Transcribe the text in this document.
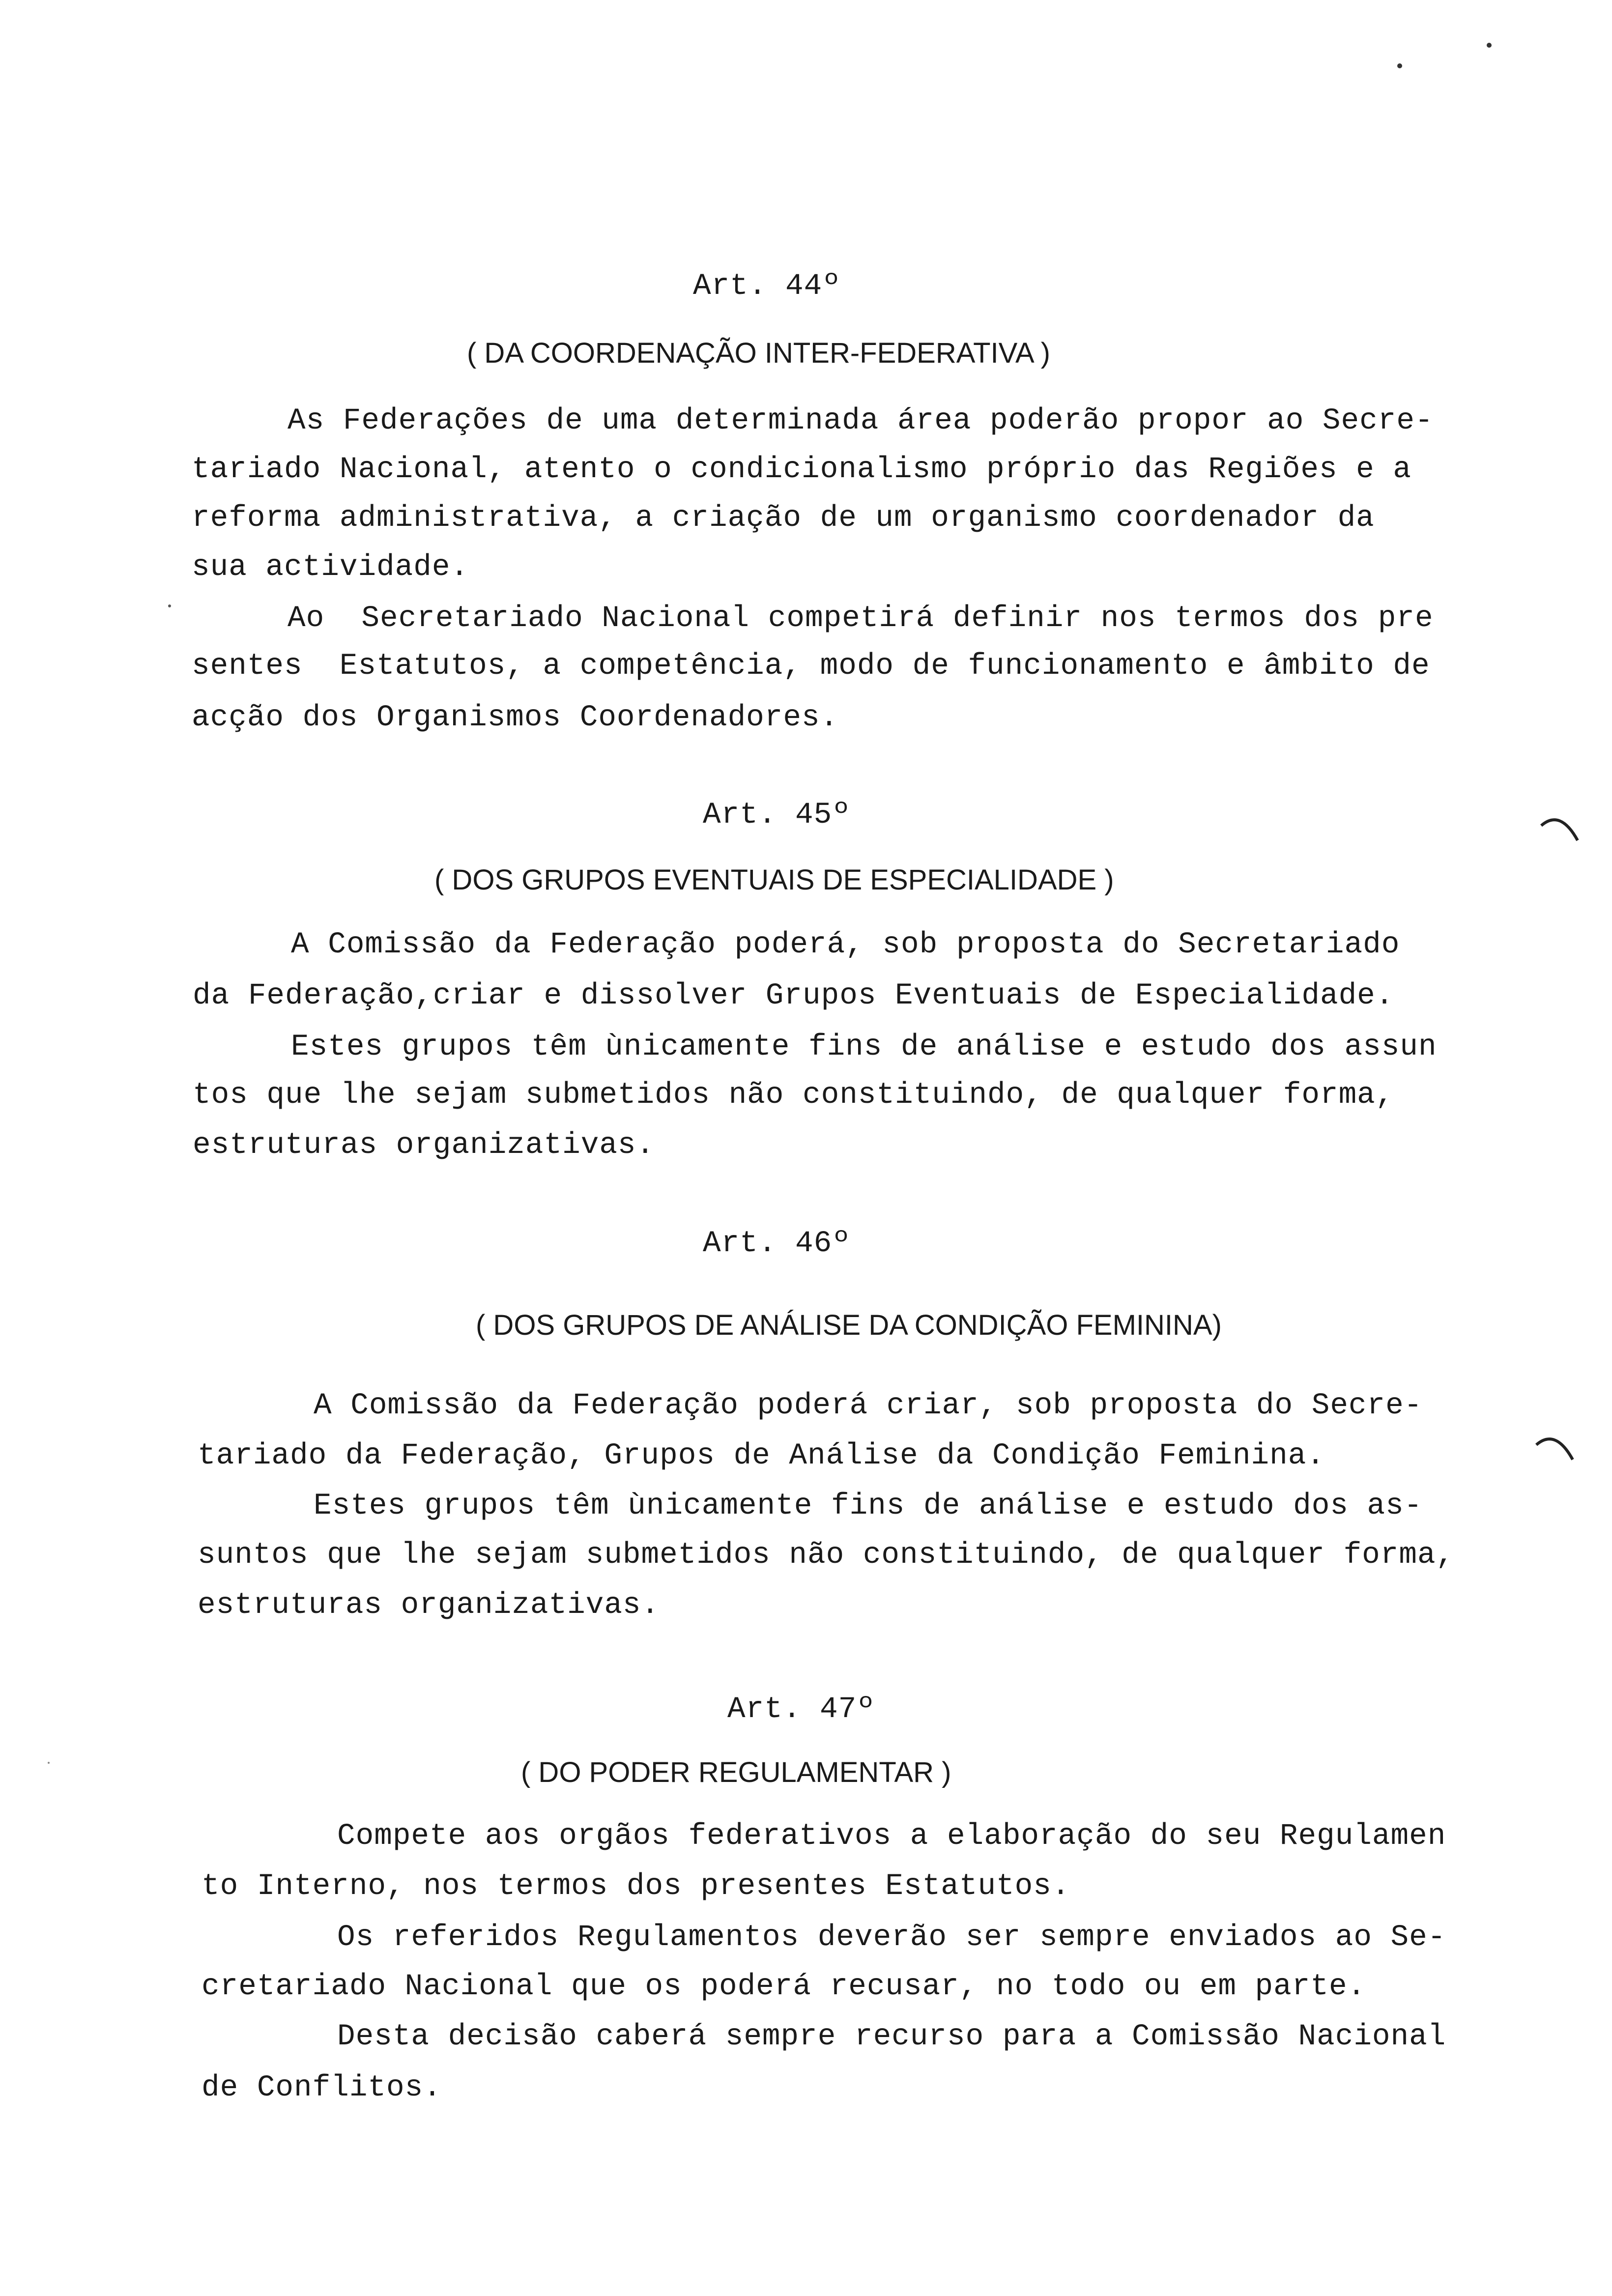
Art. 44º
( DA COORDENAÇÃO INTER-FEDERATIVA )
As Federações de uma determinada área poderão propor ao Secre-
tariado Nacional, atento o condicionalismo próprio das Regiões e a
reforma administrativa, a criação de um organismo coordenador da
sua actividade.
Ao  Secretariado Nacional competirá definir nos termos dos pre
sentes  Estatutos, a competência, modo de funcionamento e âmbito de
acção dos Organismos Coordenadores.
Art. 45º
( DOS GRUPOS EVENTUAIS DE ESPECIALIDADE )
A Comissão da Federação poderá, sob proposta do Secretariado
da Federação,criar e dissolver Grupos Eventuais de Especialidade.
Estes grupos têm ùnicamente fins de análise e estudo dos assun
tos que lhe sejam submetidos não constituindo, de qualquer forma,
estruturas organizativas.
Art. 46º
( DOS GRUPOS DE ANÁLISE DA CONDIÇÃO FEMININA)
A Comissão da Federação poderá criar, sob proposta do Secre-
tariado da Federação, Grupos de Análise da Condição Feminina.
Estes grupos têm ùnicamente fins de análise e estudo dos as-
suntos que lhe sejam submetidos não constituindo, de qualquer forma,
estruturas organizativas.
Art. 47º
( DO PODER REGULAMENTAR )
Compete aos orgãos federativos a elaboração do seu Regulamen
to Interno, nos termos dos presentes Estatutos.
Os referidos Regulamentos deverão ser sempre enviados ao Se-
cretariado Nacional que os poderá recusar, no todo ou em parte.
Desta decisão caberá sempre recurso para a Comissão Nacional
de Conflitos.
